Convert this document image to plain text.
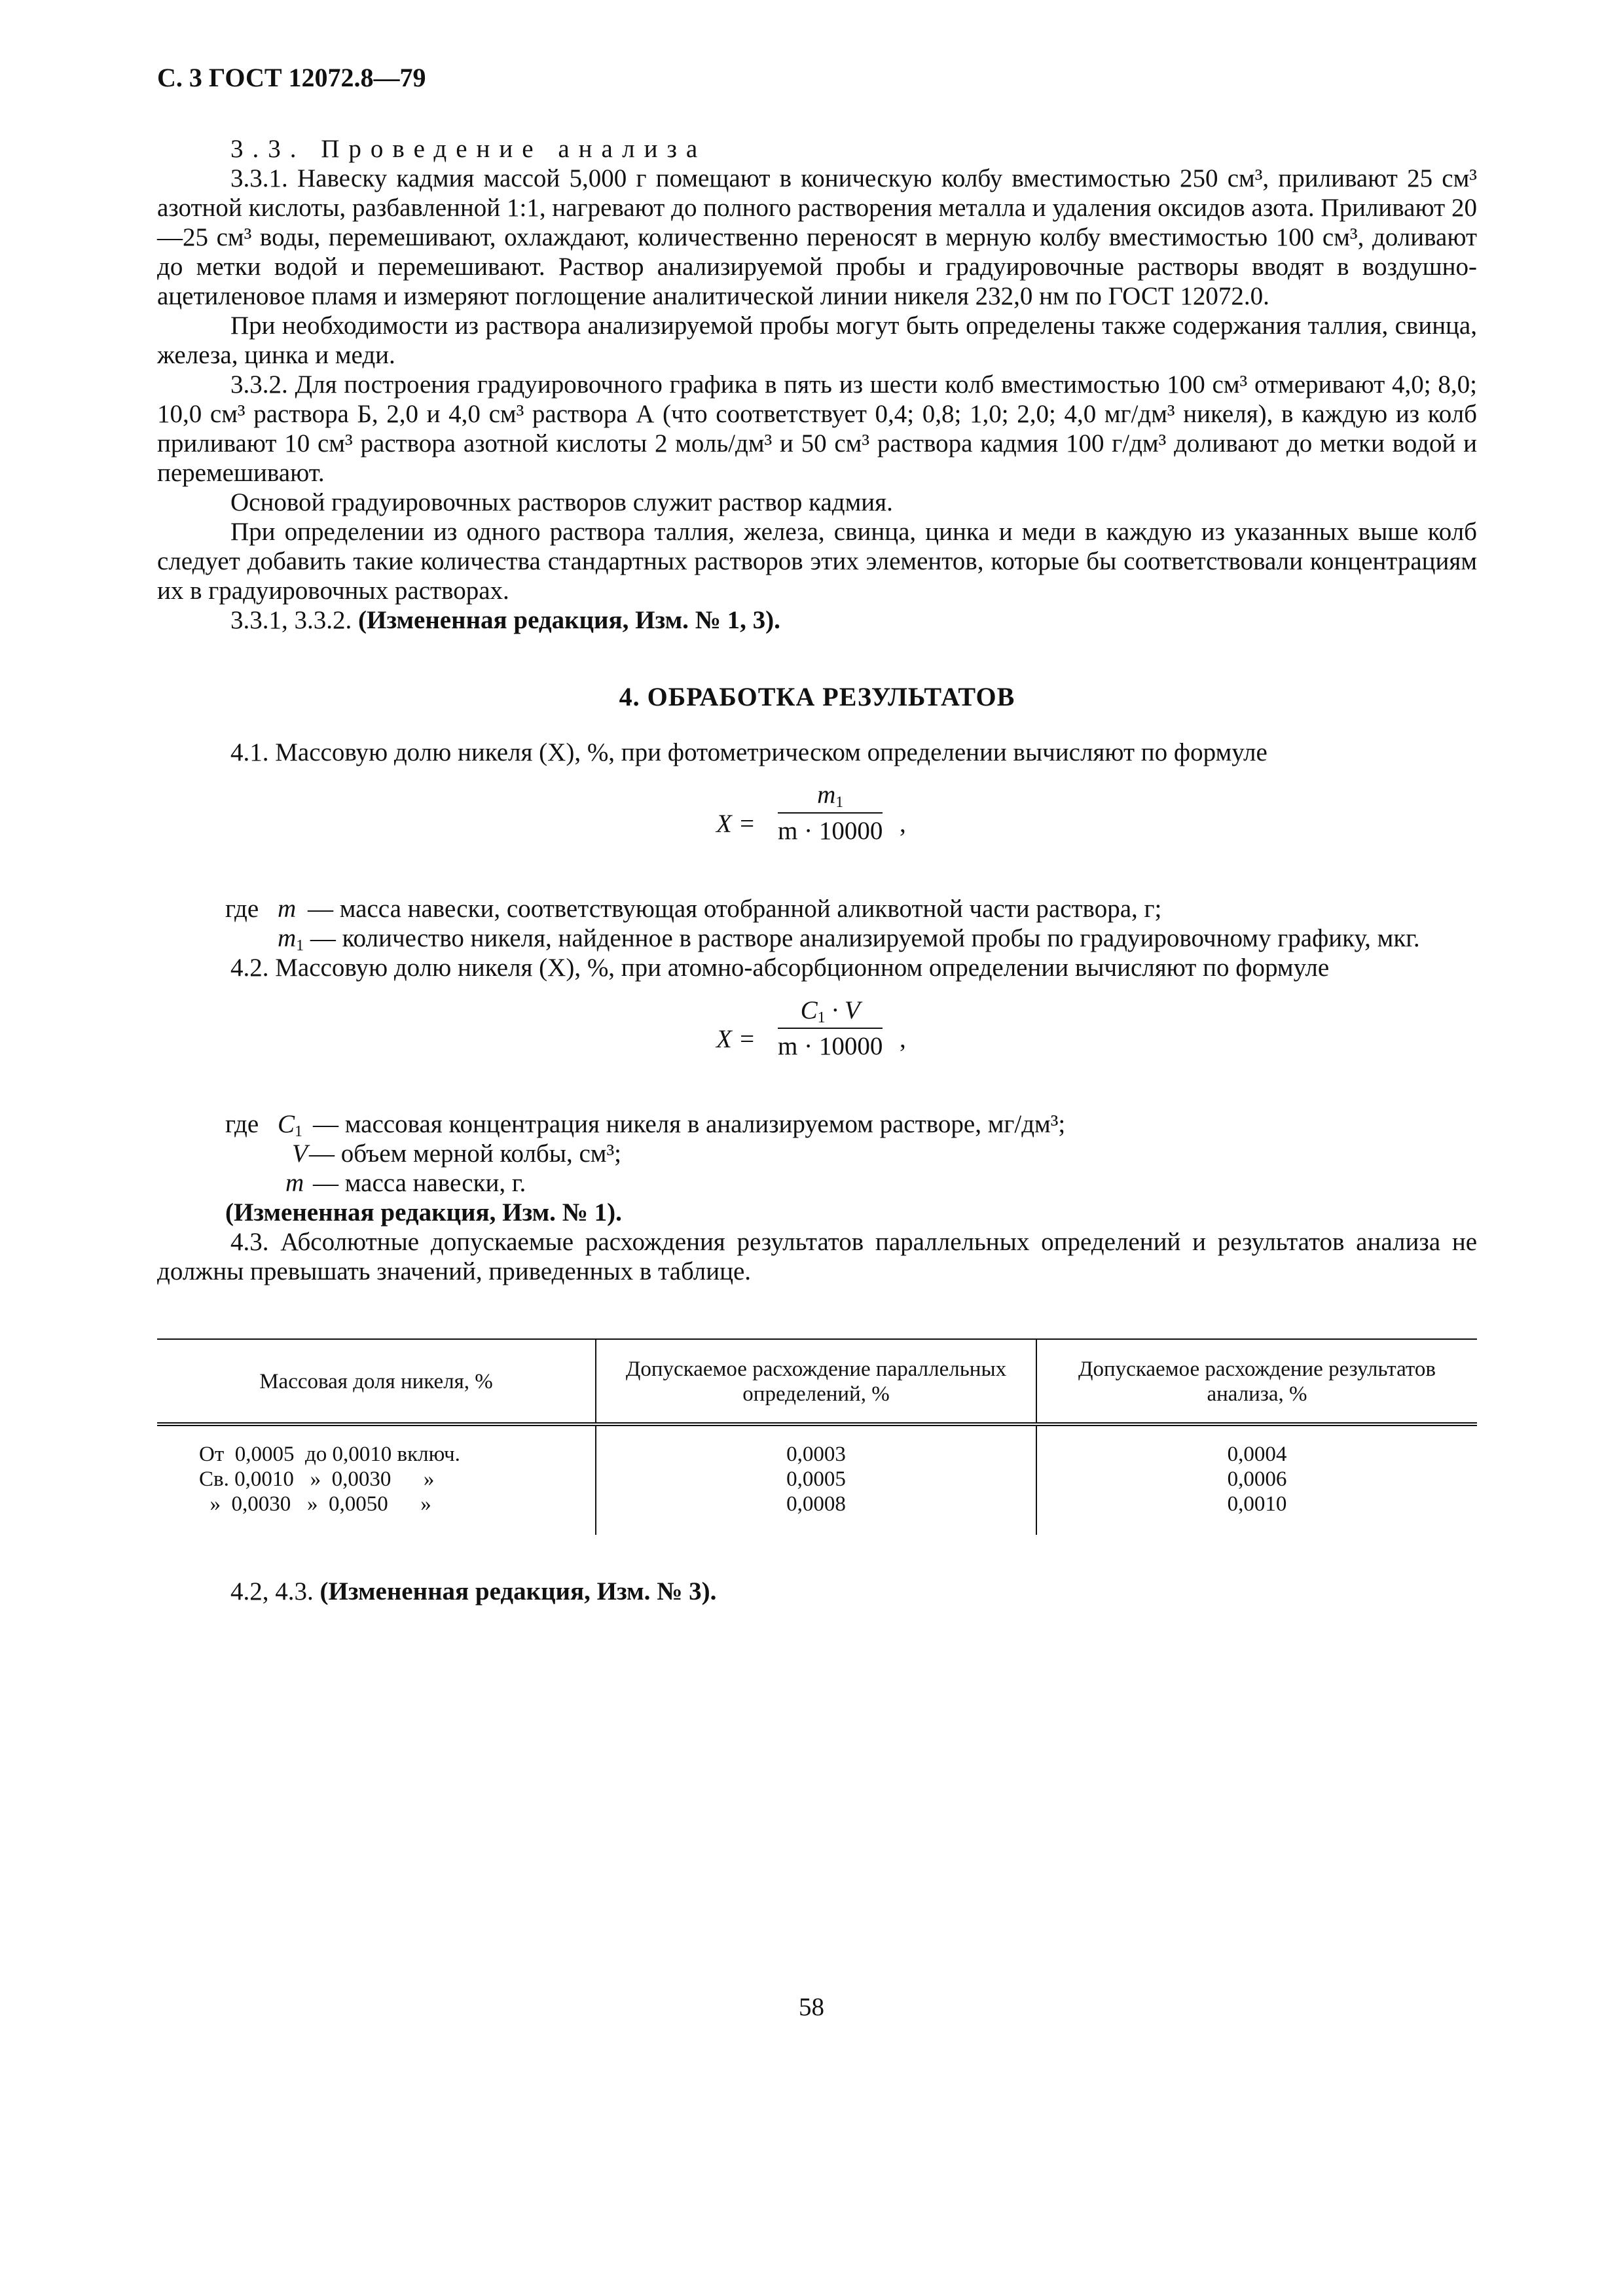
С. 3 ГОСТ 12072.8—79

3.3. Проведение анализа

3.3.1. Навеску кадмия массой 5,000 г помещают в коническую колбу вместимостью 250 см³, приливают 25 см³ азотной кислоты, разбавленной 1:1, нагревают до полного растворения металла и удаления оксидов азота. Приливают 20—25 см³ воды, перемешивают, охлаждают, количественно переносят в мерную колбу вместимостью 100 см³, доливают до метки водой и перемешивают. Раствор анализируемой пробы и градуировочные растворы вводят в воздушно-ацетиленовое пламя и измеряют поглощение аналитической линии никеля 232,0 нм по ГОСТ 12072.0.

При необходимости из раствора анализируемой пробы могут быть определены также содержания таллия, свинца, железа, цинка и меди.

3.3.2. Для построения градуировочного графика в пять из шести колб вместимостью 100 см³ отмеривают 4,0; 8,0; 10,0 см³ раствора Б, 2,0 и 4,0 см³ раствора А (что соответствует 0,4; 0,8; 1,0; 2,0; 4,0 мг/дм³ никеля), в каждую из колб приливают 10 см³ раствора азотной кислоты 2 моль/дм³ и 50 см³ раствора кадмия 100 г/дм³ доливают до метки водой и перемешивают.

Основой градуировочных растворов служит раствор кадмия.

При определении из одного раствора таллия, железа, свинца, цинка и меди в каждую из указанных выше колб следует добавить такие количества стандартных растворов этих элементов, которые бы соответствовали концентрациям их в градуировочных растворах.

3.3.1, 3.3.2. (Измененная редакция, Изм. № 1, 3).

4. ОБРАБОТКА РЕЗУЛЬТАТОВ

4.1. Массовую долю никеля (X), %, при фотометрическом определении вычисляют по формуле

$X = \frac{m_1}{m \cdot 10000}$ ,
где m — масса навески, соответствующая отобранной аликвотной части раствора, г;

$m_1$ — количество никеля, найденное в растворе анализируемой пробы по градуировочному графику, мкг.

4.2. Массовую долю никеля (X), %, при атомно-абсорбционном определении вычисляют по формуле

$X = \frac{C_1 \cdot V}{m \cdot 10000}$ ,
где $C_1$ — массовая концентрация никеля в анализируемом растворе, мг/дм³;
V — объем мерной колбы, см³;
m — масса навески, г.

(Измененная редакция, Изм. № 1).

4.3. Абсолютные допускаемые расхождения результатов параллельных определений и результатов анализа не должны превышать значений, приведенных в таблице.

Массовая доля никеля, %	Допускаемое расхождение параллельных определений, %	Допускаемое расхождение результатов анализа, %
От  0,0005  до 0,0010 включ.	0,0003	0,0004
Св. 0,0010   »  0,0030      »	0,0005	0,0006
»  0,0030   »  0,0050      »	0,0008	0,0010

4.2, 4.3. (Измененная редакция, Изм. № 3).

58
